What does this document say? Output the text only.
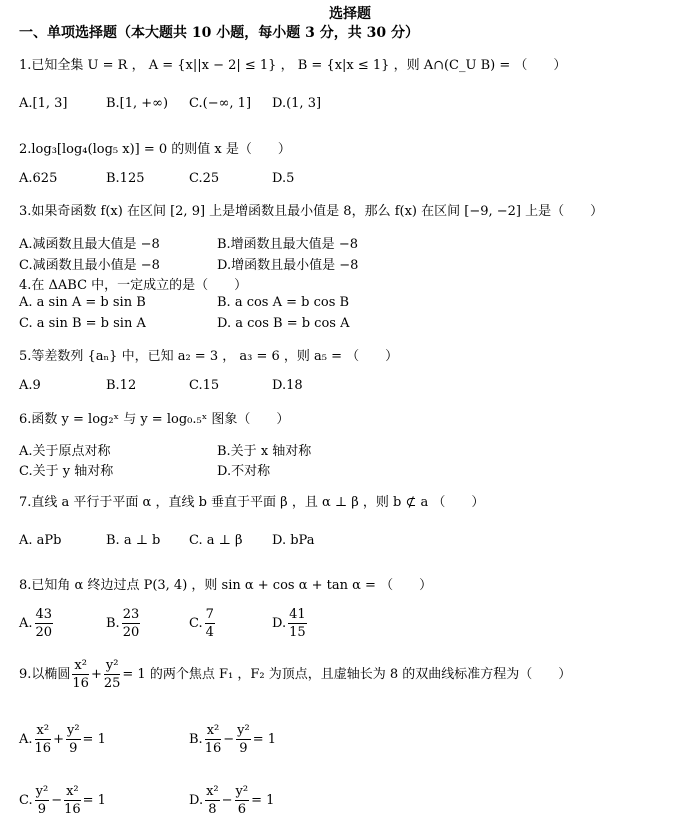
选择题
一、单项选择题（本大题共 10 小题，每小题 3 分，共 30 分）
1.已知全集 U = R ， A = {x||x − 2| ≤ 1} ， B = {x|x ≤ 1} ，则 A∩(C_U B) = （　　）
A.[1, 3]	B.[1, +∞) C.(−∞, 1] D.(1, 3]
2.log₃[log₄(log₅ x)] = 0 的则值 x 是（　　）
A.625	B.125	C.25	D.5
3.如果奇函数 f(x) 在区间 [2, 9] 上是增函数且最小值是 8，那么 f(x) 在区间 [−9, −2] 上是（　　）
A.减函数且最大值是 −8	B.增函数且最大值是 −8
C.减函数且最小值是 −8	D.增函数且最小值是 −8
4.在 ΔABC 中，一定成立的是（　　）
A. a sin A = b sin B	B. a cos A = b cos B
C. a sin B = b sin A	D. a cos B = b cos A
5.等差数列 {aₙ} 中，已知 a₂ = 3 ， a₃ = 6 ，则 a₅ = （　　）
A.9	B.12	C.15	D.18
6.函数 y = log₂ˣ 与 y = log₀.₅ˣ 图象（　　）
A.关于原点对称	B.关于 x 轴对称
C.关于 y 轴对称	D.不对称
7.直线 a 平行于平面 α ，直线 b 垂直于平面 β ，且 α ⊥ β ，则 b ⊄ a （　　）
A. aPb	B. a ⊥ b C. a ⊥ β D. bPa
8.已知角 α 终边过点 P(3, 4) ，则 sin α + cos α + tan α = （　　）
A. $\frac{43}{20}$	B. $\frac{23}{20}$	C. $\frac{7}{4}$	D. $\frac{41}{15}$
9.以椭圆 $\frac{\text{x²}}{16} + \frac{\text{y²}}{25} = 1$ 的两个焦点 F₁ ，F₂ 为顶点，且虚轴长为 8 的双曲线标准方程为（　　）
A. $\frac{\text{x²}}{16} + \frac{\text{y²}}{9} = 1$	B. $\frac{\text{x²}}{16} - \frac{\text{y²}}{9} = 1$
C. $\frac{\text{y²}}{9} - \frac{\text{x²}}{16} = 1$	D. $\frac{\text{x²}}{8} - \frac{\text{y²}}{6} = 1$
